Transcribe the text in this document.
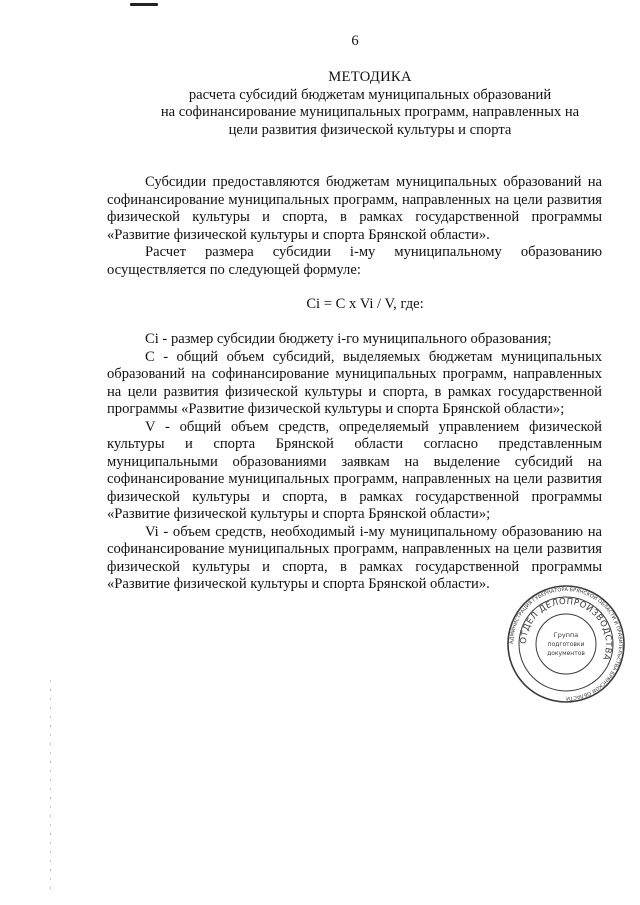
6
МЕТОДИКА
расчета субсидий бюджетам муниципальных образований
на софинансирование муниципальных программ, направленных на
цели развития физической культуры и спорта

Субсидии предоставляются бюджетам муниципальных образований на софинансирование муниципальных программ, направленных на цели развития физической культуры и спорта, в рамках государственной программы «Развитие физической культуры и спорта Брянской области».

Расчет размера субсидии i-му муниципальному образованию осуществляется по следующей формуле:

Ci = C x Vi / V, где:

Ci - размер субсидии бюджету i-го муниципального образования;

С - общий объем субсидий, выделяемых бюджетам муниципальных образований на софинансирование муниципальных программ, направленных на цели развития физической культуры и спорта, в рамках государственной программы «Развитие физической культуры и спорта Брянской области»;

V - общий объем средств, определяемый управлением физической культуры и спорта Брянской области согласно представленным муниципальными образованиями заявкам на выделение субсидий на софинансирование муниципальных программ, направленных на цели развития физической культуры и спорта, в рамках государственной программы «Развитие физической культуры и спорта Брянской области»;

Vi - объем средств, необходимый i-му муниципальному образованию на софинансирование муниципальных программ, направленных на цели развития физической культуры и спорта, в рамках государственной программы «Развитие физической культуры и спорта Брянской области».

АДМИНИСТРАЦИЯ ГУБЕРНАТОРА БРЯНСКОЙ ОБЛАСТИ И ПРАВИТЕЛЬСТВА БРЯНСКОЙ ОБЛАСТИ
ОТДЕЛ ДЕЛОПРОИЗВОДСТВА
Группа
подготовки
документов
